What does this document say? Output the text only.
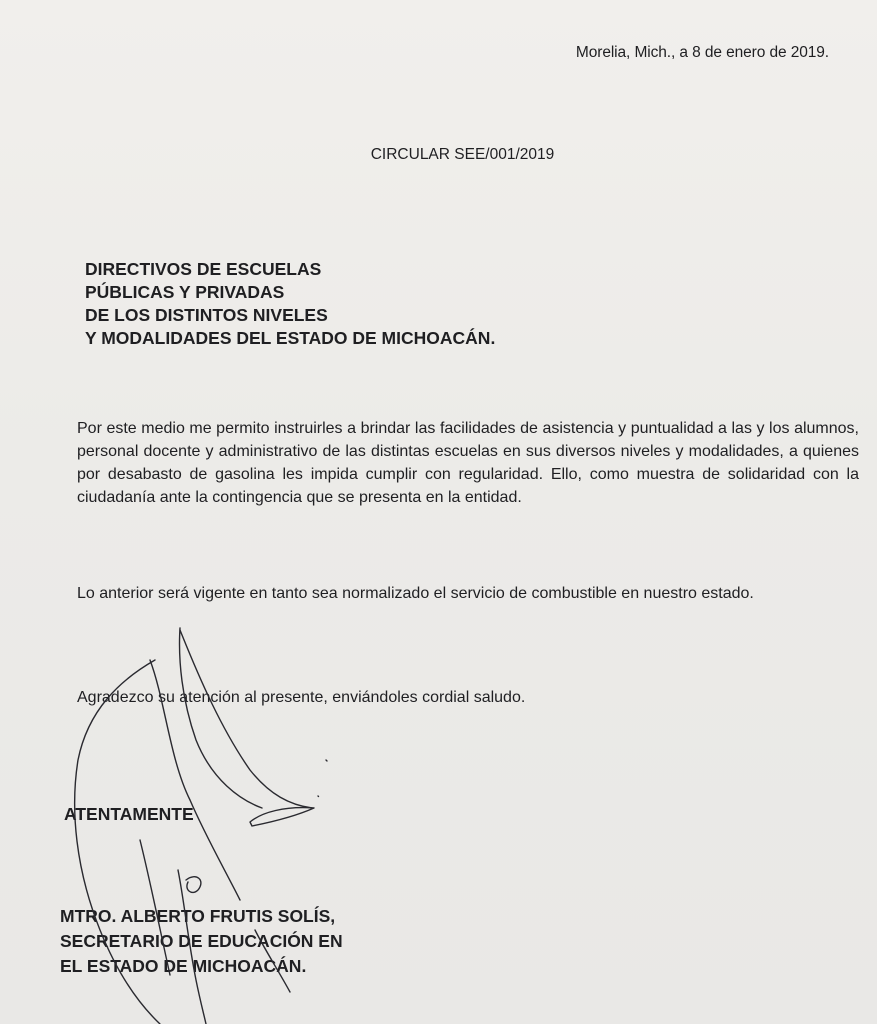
Morelia, Mich., a 8 de enero de 2019.
CIRCULAR SEE/001/2019
DIRECTIVOS DE ESCUELAS
PÚBLICAS Y PRIVADAS
DE LOS DISTINTOS NIVELES
Y MODALIDADES DEL ESTADO DE MICHOACÁN.
Por este medio me permito instruirles a brindar las facilidades de asistencia y puntualidad a las y los alumnos, personal docente y administrativo de las distintas escuelas en sus diversos niveles y modalidades, a quienes por desabasto de gasolina les impida cumplir con regularidad. Ello, como muestra de solidaridad con la ciudadanía ante la contingencia que se presenta en la entidad.
Lo anterior será vigente en tanto sea normalizado el servicio de combustible en nuestro estado.
Agradezco su atención al presente, enviándoles cordial saludo.
ATENTAMENTE
MTRO. ALBERTO FRUTIS SOLÍS,
SECRETARIO DE EDUCACIÓN EN
EL ESTADO DE MICHOACÁN.
